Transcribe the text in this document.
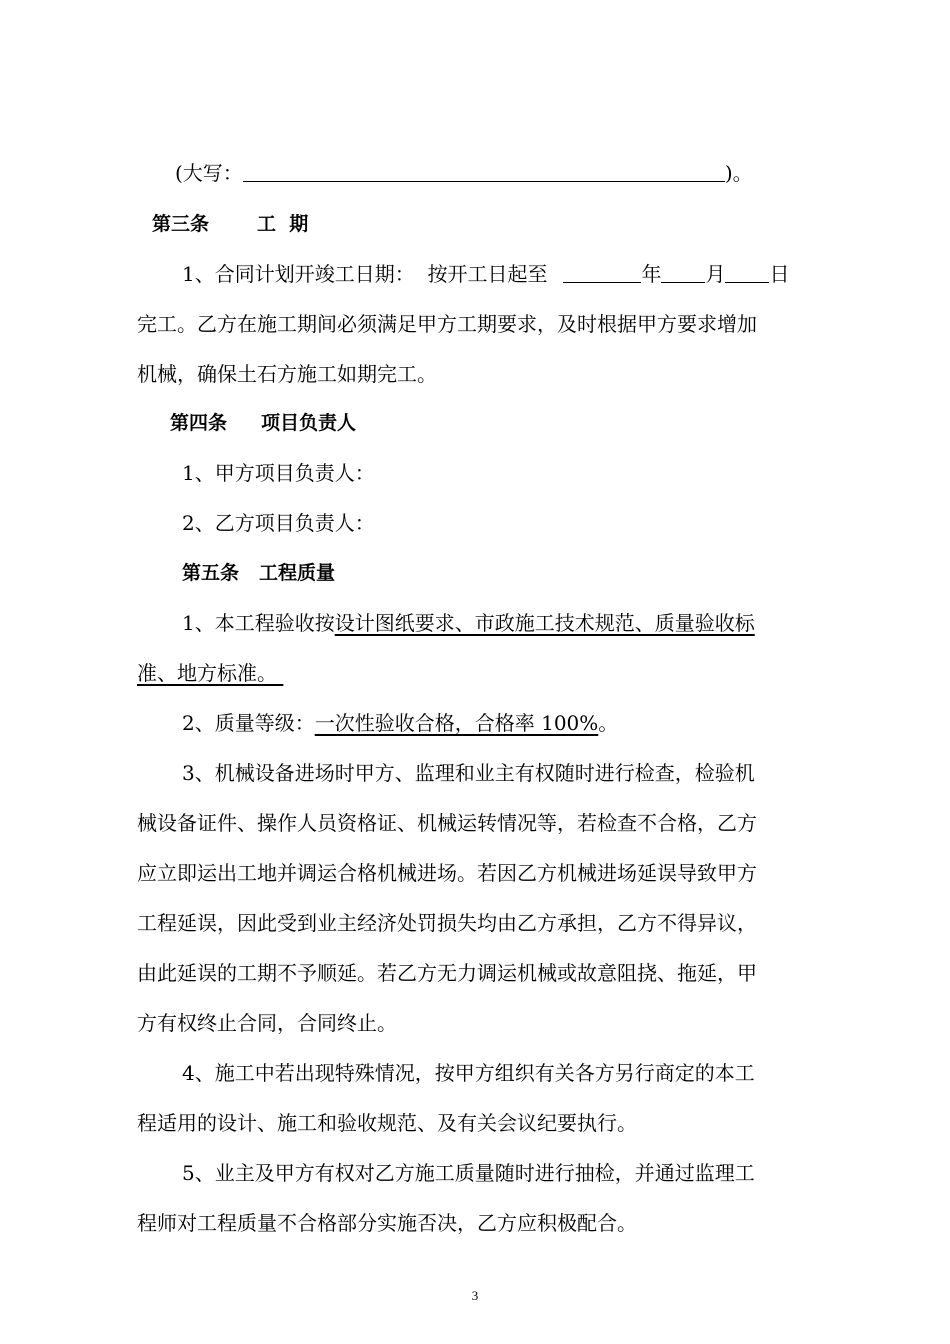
(大写：	)。
第三条	工  期
1、合同计划开竣工日期：  按开工日起至	年 月 日
完工。乙方在施工期间必须满足甲方工期要求，及时根据甲方要求增加
机械，确保土石方施工如期完工。
第四条 项目负责人
1、甲方项目负责人：
2、乙方项目负责人：
第五条 工程质量
1、本工程验收按设计图纸要求、市政施工技术规范、质量验收标
准、地方标准。
2、质量等级：一次性验收合格，合格率 100%。
3、机械设备进场时甲方、监理和业主有权随时进行检查，检验机
械设备证件、操作人员资格证、机械运转情况等，若检查不合格，乙方
应立即运出工地并调运合格机械进场。若因乙方机械进场延误导致甲方
工程延误，因此受到业主经济处罚损失均由乙方承担，乙方不得异议，
由此延误的工期不予顺延。若乙方无力调运机械或故意阻挠、拖延，甲
方有权终止合同，合同终止。
4、施工中若出现特殊情况，按甲方组织有关各方另行商定的本工
程适用的设计、施工和验收规范、及有关会议纪要执行。
5、业主及甲方有权对乙方施工质量随时进行抽检，并通过监理工
程师对工程质量不合格部分实施否决，乙方应积极配合。
3
